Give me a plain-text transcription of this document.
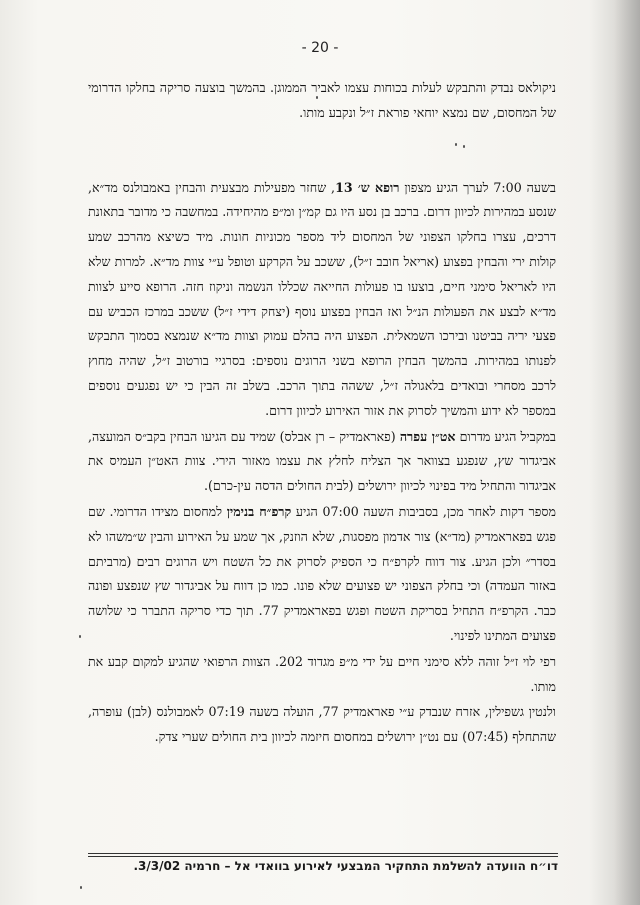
- 20 -

ניקולאס נבדק והתבקש לעלות בכוחות עצמו לאביר הממוגן. בהמשך בוצעה סריקה בחלקו הדרומי של המחסום, שם נמצא יוחאי פוראת ז״ל ונקבע מותו.

בשעה 7:00 לערך הגיע מצפון רופא ש׳ 13, שחזר מפעילות מבצעית והבחין באמבולנס מד״א, שנסע במהירות לכיוון דרום. ברכב בן נסע היו גם קמ״ן ומ״פ מהיחידה. במחשבה כי מדובר בתאונת דרכים, עצרו בחלקו הצפוני של המחסום ליד מספר מכוניות חונות. מיד כשיצא מהרכב שמע קולות ירי והבחין בפצוע (אריאל חובב ז״ל), ששכב על הקרקע וטופל ע״י צוות מד״א. למרות שלא היו לאריאל סימני חיים, בוצעו בו פעולות החייאה שכללו הנשמה וניקוז חזה. הרופא סייע לצוות מד״א לבצע את הפעולות הנ״ל ואז הבחין בפצוע נוסף (יצחק דידי ז״ל) ששכב במרכז הכביש עם פצעי יריה בביטנו ובירכו השמאלית. הפצוע היה בהלם עמוק וצוות מד״א שנמצא בסמוך התבקש לפנותו במהירות. בהמשך הבחין הרופא בשני הרוגים נוספים: בסרגיי בורטוב ז״ל, שהיה מחוץ לרכב מסחרי ובואדים בלאגולה ז״ל, ששהה בתוך הרכב. בשלב זה הבין כי יש נפגעים נוספים במספר לא ידוע והמשיך לסרוק את אזור האירוע לכיוון דרום.

במקביל הגיע מדרום אט״ן עפרה (פאראמדיק – רן אבלס) שמיד עם הגיעו הבחין בקב״ס המועצה, אביגדור שץ, שנפגע בצוואר אך הצליח לחלץ את עצמו מאזור הירי. צוות האט״ן העמיס את אביגדור והתחיל מיד בפינוי לכיוון ירושלים (לבית החולים הדסה עין-כרם).

מספר דקות לאחר מכן, בסביבות השעה 07:00 הגיע קרפ״ח בנימין למחסום מצידו הדרומי. שם פגש בפאראמדיק (מד״א) צור אדמון מפסגות, שלא הוזנק, אך שמע על האירוע והבין ש״משהו לא בסדר״ ולכן הגיע. צור דווח לקרפ״ח כי הספיק לסרוק את כל השטח ויש הרוגים רבים (מרביתם באזור העמדה) וכי בחלק הצפוני יש פצועים שלא פונו. כמו כן דווח על אביגדור שץ שנפצע ופונה כבר. הקרפ״ח התחיל בסריקת השטח ופגש בפאראמדיק 77. תוך כדי סריקה התברר כי שלושה פצועים המתינו לפינוי.

רפי לוי ז״ל זוהה ללא סימני חיים על ידי מ״פ מגדוד 202. הצוות הרפואי שהגיע למקום קבע את מותו.

ולנטין גשפילין, אזרח שנבדק ע״י פאראמדיק 77, הועלה בשעה 07:19 לאמבולנס (לבן) עופרה, שהתחלף (07:45) עם נט״ן ירושלים במחסום חיזמה לכיוון בית החולים שערי צדק.

דו״ח הוועדה להשלמת התחקיר המבצעי לאירוע בוואדי אל – חרמיה 3/3/02.
